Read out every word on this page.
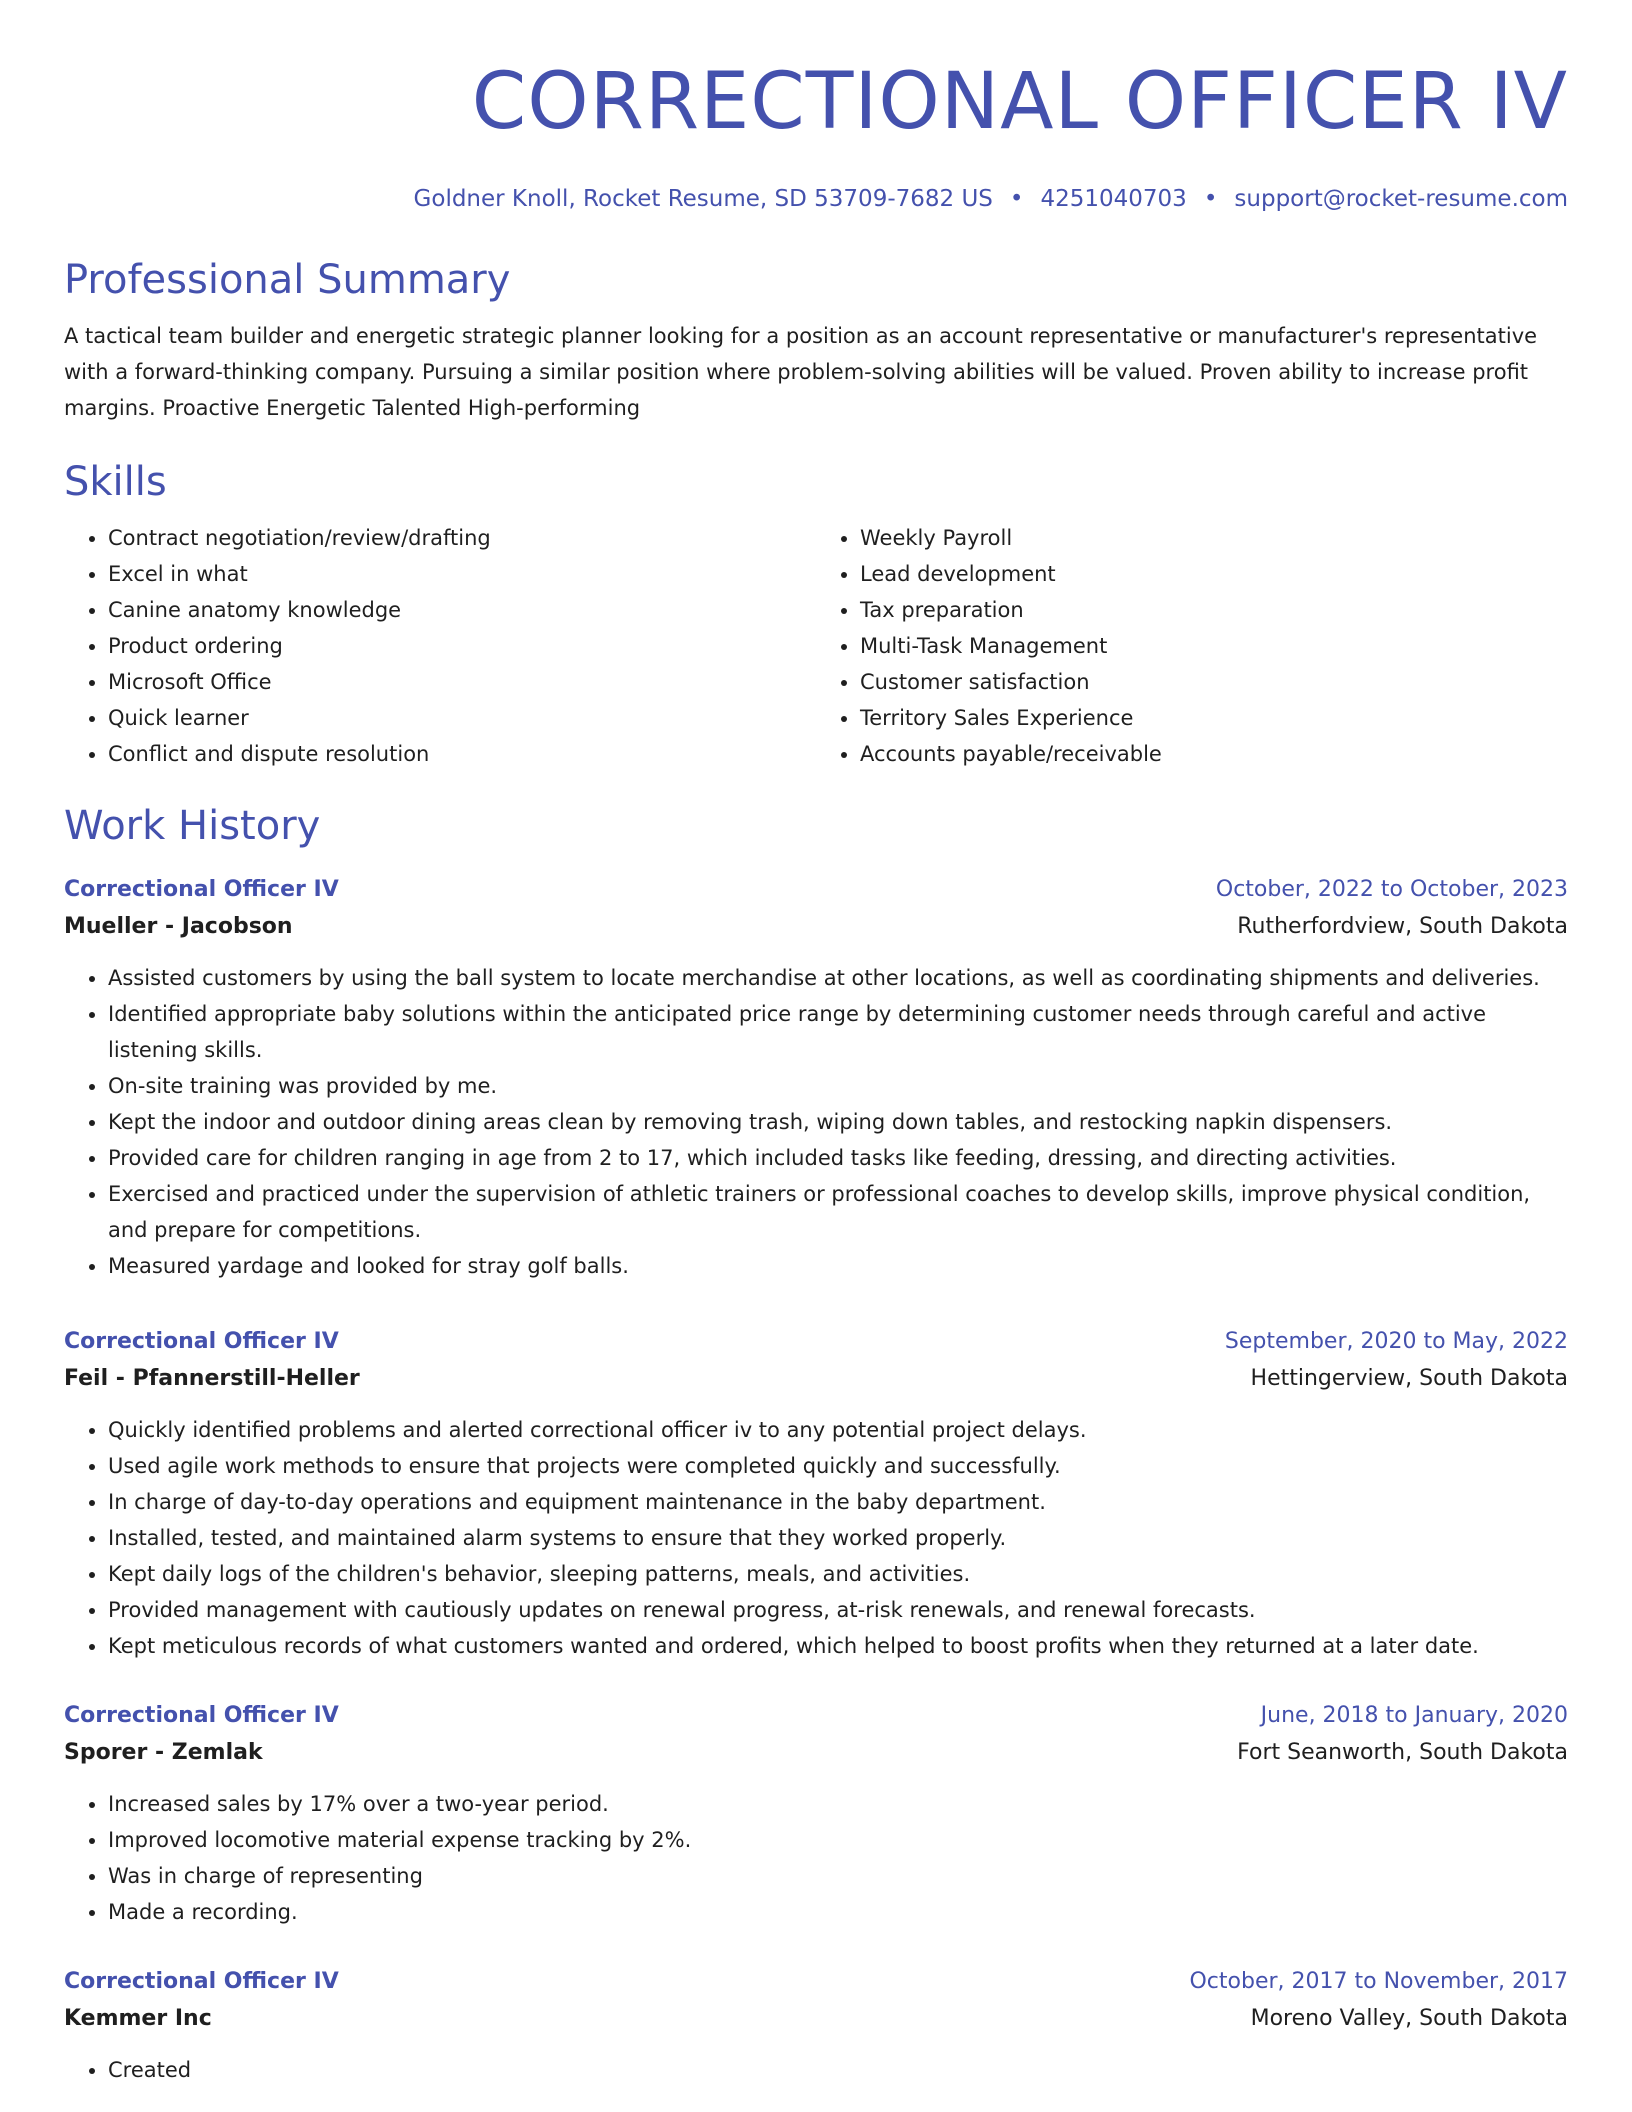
CORRECTIONAL OFFICER IV
Goldner Knoll, Rocket Resume, SD 53709-7682 US • 4251040703 • support@rocket-resume.com
Professional Summary
A tactical team builder and energetic strategic planner looking for a position as an account representative or manufacturer's representative with a forward-thinking company. Pursuing a similar position where problem-solving abilities will be valued. Proven ability to increase profit margins. Proactive Energetic Talented High-performing
Skills
• Contract negotiation/review/drafting
• Excel in what
• Canine anatomy knowledge
• Product ordering
• Microsoft Office
• Quick learner
• Conflict and dispute resolution
• Weekly Payroll
• Lead development
• Tax preparation
• Multi-Task Management
• Customer satisfaction
• Territory Sales Experience
• Accounts payable/receivable
Work History
Correctional Officer IV	October, 2022 to October, 2023
Mueller - Jacobson	Rutherfordview, South Dakota
• Assisted customers by using the ball system to locate merchandise at other locations, as well as coordinating shipments and deliveries.
• Identified appropriate baby solutions within the anticipated price range by determining customer needs through careful and active listening skills.
• On-site training was provided by me.
• Kept the indoor and outdoor dining areas clean by removing trash, wiping down tables, and restocking napkin dispensers.
• Provided care for children ranging in age from 2 to 17, which included tasks like feeding, dressing, and directing activities.
• Exercised and practiced under the supervision of athletic trainers or professional coaches to develop skills, improve physical condition, and prepare for competitions.
• Measured yardage and looked for stray golf balls.
Correctional Officer IV	September, 2020 to May, 2022
Feil - Pfannerstill-Heller	Hettingerview, South Dakota
• Quickly identified problems and alerted correctional officer iv to any potential project delays.
• Used agile work methods to ensure that projects were completed quickly and successfully.
• In charge of day-to-day operations and equipment maintenance in the baby department.
• Installed, tested, and maintained alarm systems to ensure that they worked properly.
• Kept daily logs of the children's behavior, sleeping patterns, meals, and activities.
• Provided management with cautiously updates on renewal progress, at-risk renewals, and renewal forecasts.
• Kept meticulous records of what customers wanted and ordered, which helped to boost profits when they returned at a later date.
Correctional Officer IV	June, 2018 to January, 2020
Sporer - Zemlak	Fort Seanworth, South Dakota
• Increased sales by 17% over a two-year period.
• Improved locomotive material expense tracking by 2%.
• Was in charge of representing
• Made a recording.
Correctional Officer IV	October, 2017 to November, 2017
Kemmer Inc	Moreno Valley, South Dakota
• Created
